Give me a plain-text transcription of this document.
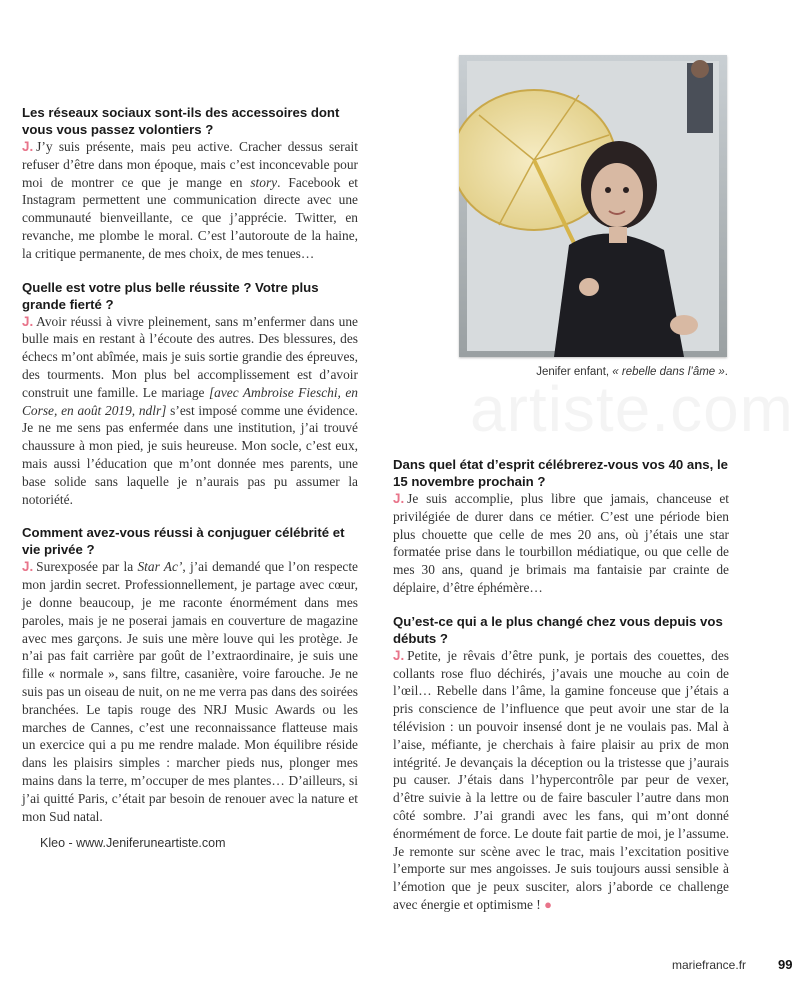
Les réseaux sociaux sont-ils des accessoires dont vous vous passez volontiers ?

J. J’y suis présente, mais peu active. Cracher dessus serait refuser d’être dans mon époque, mais c’est inconcevable pour moi de montrer ce que je mange en story. Facebook et Instagram permettent une communication directe avec une communauté bienveillante, ce que j’apprécie. Twitter, en revanche, me plombe le moral. C’est l’autoroute de la haine, la critique permanente, de mes choix, de mes tenues…

Quelle est votre plus belle réussite ? Votre plus grande fierté ?

J. Avoir réussi à vivre pleinement, sans m’enfermer dans une bulle mais en restant à l’écoute des autres. Des blessures, des échecs m’ont abîmée, mais je suis sortie grandie des épreuves, des tourments. Mon plus bel accomplissement est d’avoir construit une famille. Le mariage [avec Ambroise Fieschi, en Corse, en août 2019, ndlr] s’est imposé comme une évidence. Je ne me sens pas enfermée dans une institution, j’ai trouvé chaussure à mon pied, je suis heureuse. Mon socle, c’est eux, mais aussi l’éducation que m’ont donnée mes parents, une base solide sans laquelle je n’aurais pas pu assumer la notoriété.

Comment avez-vous réussi à conjuguer célébrité et vie privée ?

J. Surexposée par la Star Ac’, j’ai demandé que l’on respecte mon jardin secret. Professionnellement, je partage avec cœur, je donne beaucoup, je me raconte énormément dans mes paroles, mais je ne poserai jamais en couverture de magazine avec mes garçons. Je suis une mère louve qui les protège. Je n’ai pas fait carrière par goût de l’extraordinaire, je suis une fille « normale », sans filtre, casanière, voire farouche. Je ne suis pas un oiseau de nuit, on ne me verra pas dans des soirées branchées. Le tapis rouge des NRJ Music Awards ou les marches de Cannes, c’est une reconnaissance flatteuse mais un exercice qui a pu me rendre malade. Mon équilibre réside dans les plaisirs simples : marcher pieds nus, plonger mes mains dans la terre, m’occuper de mes plantes… D’ailleurs, si j’ai quitté Paris, c’était par besoin de renouer avec la nature et mon Sud natal.

Kleo - www.Jeniferuneartiste.com
Jenifer enfant, « rebelle dans l’âme ».

Dans quel état d’esprit célébrerez-vous vos 40 ans, le 15 novembre prochain ?

J. Je suis accomplie, plus libre que jamais, chanceuse et privilégiée de durer dans ce métier. C’est une période bien plus chouette que celle de mes 20 ans, où j’étais une star formatée prise dans le tourbillon médiatique, ou que celle de mes 30 ans, quand je brimais ma fantaisie par crainte de déplaire, d’être éphémère…

Qu’est-ce qui a le plus changé chez vous depuis vos débuts ?

J. Petite, je rêvais d’être punk, je portais des couettes, des collants rose fluo déchirés, j’avais une mouche au coin de l’œil… Rebelle dans l’âme, la gamine fonceuse que j’étais a pris conscience de l’influence que peut avoir une star de la télévision : un pouvoir insensé dont je ne voulais pas. Mal à l’aise, méfiante, je cherchais à faire plaisir au prix de mon intégrité. Je devançais la déception ou la tristesse que j’aurais pu causer. J’étais dans l’hypercontrôle par peur de vexer, d’être suivie à la lettre ou de faire basculer l’autre dans mon côté sombre. J’ai grandi avec les fans, qui m’ont donné énormément de force. Le doute fait partie de moi, je l’assume. Je remonte sur scène avec le trac, mais l’excitation positive l’emporte sur mes angoisses. Je suis toujours aussi sensible à l’émotion que je peux susciter, alors j’aborde ce challenge avec énergie et optimisme ! ●

mariefrance.fr 99
